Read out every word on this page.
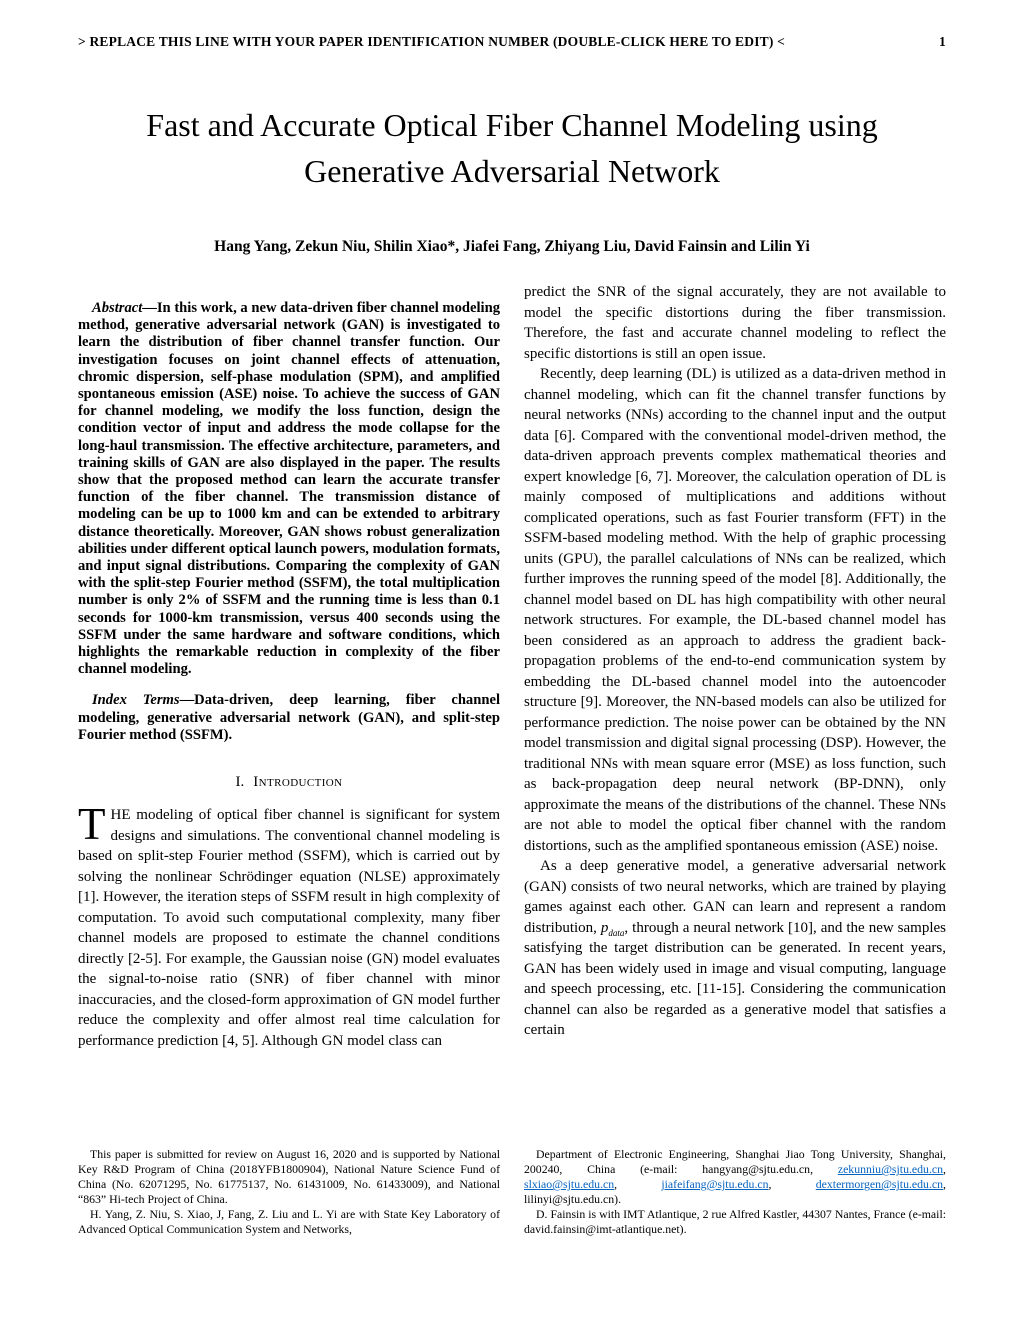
> REPLACE THIS LINE WITH YOUR PAPER IDENTIFICATION NUMBER (DOUBLE-CLICK HERE TO EDIT) <	1
Fast and Accurate Optical Fiber Channel Modeling using Generative Adversarial Network
Hang Yang, Zekun Niu, Shilin Xiao*, Jiafei Fang, Zhiyang Liu, David Fainsin and Lilin Yi

Abstract—In this work, a new data-driven fiber channel modeling method, generative adversarial network (GAN) is investigated to learn the distribution of fiber channel transfer function. Our investigation focuses on joint channel effects of attenuation, chromic dispersion, self-phase modulation (SPM), and amplified spontaneous emission (ASE) noise. To achieve the success of GAN for channel modeling, we modify the loss function, design the condition vector of input and address the mode collapse for the long-haul transmission. The effective architecture, parameters, and training skills of GAN are also displayed in the paper. The results show that the proposed method can learn the accurate transfer function of the fiber channel. The transmission distance of modeling can be up to 1000 km and can be extended to arbitrary distance theoretically. Moreover, GAN shows robust generalization abilities under different optical launch powers, modulation formats, and input signal distributions. Comparing the complexity of GAN with the split-step Fourier method (SSFM), the total multiplication number is only 2% of SSFM and the running time is less than 0.1 seconds for 1000-km transmission, versus 400 seconds using the SSFM under the same hardware and software conditions, which highlights the remarkable reduction in complexity of the fiber channel modeling.

Index Terms—Data-driven, deep learning, fiber channel modeling, generative adversarial network (GAN), and split-step Fourier method (SSFM).

I. Introduction

THE modeling of optical fiber channel is significant for system designs and simulations. The conventional channel modeling is based on split-step Fourier method (SSFM), which is carried out by solving the nonlinear Schrödinger equation (NLSE) approximately [1]. However, the iteration steps of SSFM result in high complexity of computation. To avoid such computational complexity, many fiber channel models are proposed to estimate the channel conditions directly [2-5]. For example, the Gaussian noise (GN) model evaluates the signal-to-noise ratio (SNR) of fiber channel with minor inaccuracies, and the closed-form approximation of GN model further reduce the complexity and offer almost real time calculation for performance prediction [4, 5]. Although GN model class can

This paper is submitted for review on August 16, 2020 and is supported by National Key R&D Program of China (2018YFB1800904), National Nature Science Fund of China (No. 62071295, No. 61775137, No. 61431009, No. 61433009), and National “863” Hi-tech Project of China.

H. Yang, Z. Niu, S. Xiao, J, Fang, Z. Liu and L. Yi are with State Key Laboratory of Advanced Optical Communication System and Networks,

predict the SNR of the signal accurately, they are not available to model the specific distortions during the fiber transmission. Therefore, the fast and accurate channel modeling to reflect the specific distortions is still an open issue.

Recently, deep learning (DL) is utilized as a data-driven method in channel modeling, which can fit the channel transfer functions by neural networks (NNs) according to the channel input and the output data [6]. Compared with the conventional model-driven method, the data-driven approach prevents complex mathematical theories and expert knowledge [6, 7]. Moreover, the calculation operation of DL is mainly composed of multiplications and additions without complicated operations, such as fast Fourier transform (FFT) in the SSFM-based modeling method. With the help of graphic processing units (GPU), the parallel calculations of NNs can be realized, which further improves the running speed of the model [8]. Additionally, the channel model based on DL has high compatibility with other neural network structures. For example, the DL-based channel model has been considered as an approach to address the gradient back-propagation problems of the end-to-end communication system by embedding the DL-based channel model into the autoencoder structure [9]. Moreover, the NN-based models can also be utilized for performance prediction. The noise power can be obtained by the NN model transmission and digital signal processing (DSP). However, the traditional NNs with mean square error (MSE) as loss function, such as back-propagation deep neural network (BP-DNN), only approximate the means of the distributions of the channel. These NNs are not able to model the optical fiber channel with the random distortions, such as the amplified spontaneous emission (ASE) noise.

As a deep generative model, a generative adversarial network (GAN) consists of two neural networks, which are trained by playing games against each other. GAN can learn and represent a random distribution, $p_{data}$, through a neural network [10], and the new samples satisfying the target distribution can be generated. In recent years, GAN has been widely used in image and visual computing, language and speech processing, etc. [11-15]. Considering the communication channel can also be regarded as a generative model that satisfies a certain

Department of Electronic Engineering, Shanghai Jiao Tong University, Shanghai, 200240, China (e-mail: hangyang@sjtu.edu.cn, zekunniu@sjtu.edu.cn, slxiao@sjtu.edu.cn, jiafeifang@sjtu.edu.cn, dextermorgen@sjtu.edu.cn, lilinyi@sjtu.edu.cn).

D. Fainsin is with IMT Atlantique, 2 rue Alfred Kastler, 44307 Nantes, France (e-mail: david.fainsin@imt-atlantique.net).
